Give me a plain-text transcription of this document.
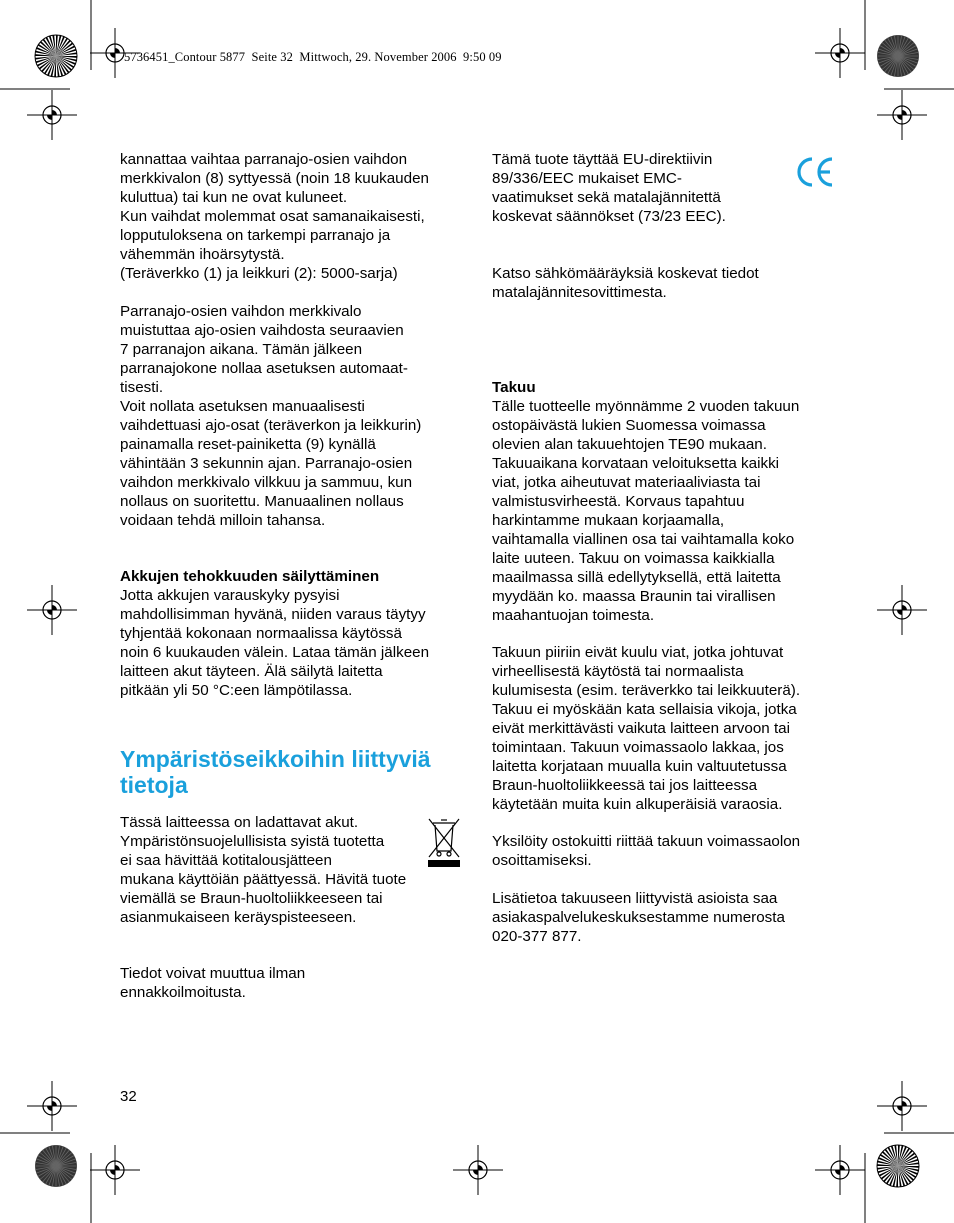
5736451_Contour 5877  Seite 32  Mittwoch, 29. November 2006  9:50 09

kannattaa vaihtaa parranajo-osien vaihdon
merkkivalon (8) syttyessä (noin 18 kuukauden
kuluttua) tai kun ne ovat kuluneet.
Kun vaihdat molemmat osat samanaikaisesti,
lopputuloksena on tarkempi parranajo ja
vähemmän ihoärsytystä.
(Teräverkko (1) ja leikkuri (2): 5000-sarja)

Parranajo-osien vaihdon merkkivalo
muistuttaa ajo-osien vaihdosta seuraavien
7 parranajon aikana. Tämän jälkeen
parranajokone nollaa asetuksen automaat-
tisesti.
Voit nollata asetuksen manuaalisesti
vaihdettuasi ajo-osat (teräverkon ja leikkurin)
painamalla reset-painiketta (9) kynällä
vähintään 3 sekunnin ajan. Parranajo-osien
vaihdon merkkivalo vilkkuu ja sammuu, kun
nollaus on suoritettu. Manuaalinen nollaus
voidaan tehdä milloin tahansa.

Akkujen tehokkuuden säilyttäminen

Jotta akkujen varauskyky pysyisi
mahdollisimman hyvänä, niiden varaus täytyy
tyhjentää kokonaan normaalissa käytössä
noin 6 kuukauden välein. Lataa tämän jälkeen
laitteen akut täyteen. Älä säilytä laitetta
pitkään yli 50 °C:een lämpötilassa.

Ympäristöseikkoihin liittyviä
tietoja

Tässä laitteessa on ladattavat akut.
Ympäristönsuojelullisista syistä tuotetta
ei saa hävittää kotitalousjätteen
mukana käyttöiän päättyessä. Hävitä tuote
viemällä se Braun-huoltoliikkeeseen tai
asianmukaiseen keräyspisteeseen.

Tiedot voivat muuttua ilman
ennakkoilmoitusta.

Tämä tuote täyttää EU-direktiivin
89/336/EEC mukaiset EMC-
vaatimukset sekä matalajännitettä
koskevat säännökset (73/23 EEC).

Katso sähkömääräyksiä koskevat tiedot
matalajännitesovittimesta.

Takuu

Tälle tuotteelle myönnämme 2 vuoden takuun
ostopäivästä lukien Suomessa voimassa
olevien alan takuuehtojen TE90 mukaan.
Takuuaikana korvataan veloituksetta kaikki
viat, jotka aiheutuvat materiaaliviasta tai
valmistusvirheestä. Korvaus tapahtuu
harkintamme mukaan korjaamalla,
vaihtamalla viallinen osa tai vaihtamalla koko
laite uuteen. Takuu on voimassa kaikkialla
maailmassa sillä edellytyksellä, että laitetta
myydään ko. maassa Braunin tai virallisen
maahantuojan toimesta.

Takuun piiriin eivät kuulu viat, jotka johtuvat
virheellisestä käytöstä tai normaalista
kulumisesta (esim. teräverkko tai leikkuuterä).
Takuu ei myöskään kata sellaisia vikoja, jotka
eivät merkittävästi vaikuta laitteen arvoon tai
toimintaan. Takuun voimassaolo lakkaa, jos
laitetta korjataan muualla kuin valtuutetussa
Braun-huoltoliikkeessä tai jos laitteessa
käytetään muita kuin alkuperäisiä varaosia.

Yksilöity ostokuitti riittää takuun voimassaolon
osoittamiseksi.

Lisätietoa takuuseen liittyvistä asioista saa
asiakaspalvelukeskuksestamme numerosta
020-377 877.

32
